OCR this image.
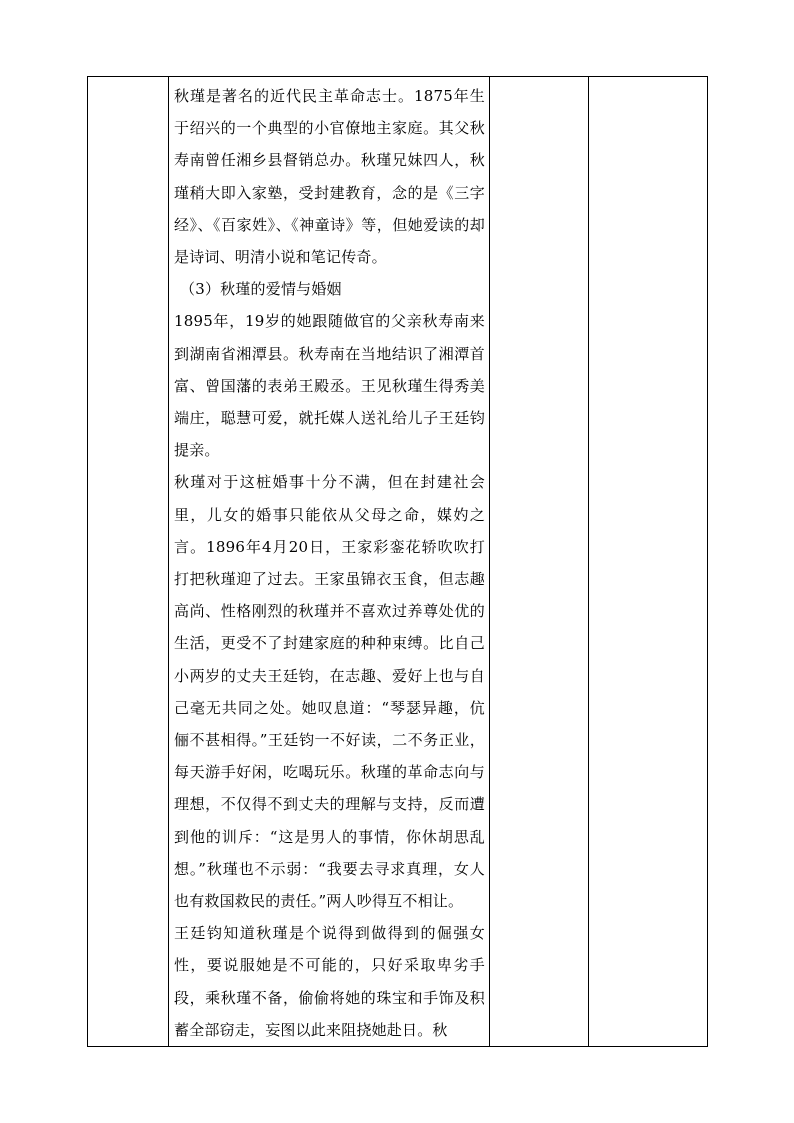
秋瑾是著名的近代民主革命志士。1875年生于绍兴的一个典型的小官僚地主家庭。其父秋寿南曾任湘乡县督销总办。秋瑾兄妹四人，秋瑾稍大即入家塾，受封建教育，念的是《三字经》、《百家姓》、《神童诗》等，但她爱读的却是诗词、明清小说和笔记传奇。

（3）秋瑾的爱情与婚姻

1895年，19岁的她跟随做官的父亲秋寿南来到湖南省湘潭县。秋寿南在当地结识了湘潭首富、曾国藩的表弟王殿丞。王见秋瑾生得秀美端庄，聪慧可爱，就托媒人送礼给儿子王廷钧提亲。

秋瑾对于这桩婚事十分不满，但在封建社会里，儿女的婚事只能依从父母之命，媒妁之言。1896年4月20日，王家彩銮花轿吹吹打打把秋瑾迎了过去。王家虽锦衣玉食，但志趣高尚、性格刚烈的秋瑾并不喜欢过养尊处优的生活，更受不了封建家庭的种种束缚。比自己小两岁的丈夫王廷钧，在志趣、爱好上也与自己毫无共同之处。她叹息道：“琴瑟异趣，伉俪不甚相得。”王廷钧一不好读，二不务正业，每天游手好闲，吃喝玩乐。秋瑾的革命志向与理想，不仅得不到丈夫的理解与支持，反而遭到他的训斥：“这是男人的事情，你休胡思乱想。”秋瑾也不示弱：“我要去寻求真理，女人也有救国救民的责任。”两人吵得互不相让。

王廷钧知道秋瑾是个说得到做得到的倔强女性，要说服她是不可能的，只好采取卑劣手段，乘秋瑾不备，偷偷将她的珠宝和手饰及积蓄全部窃走，妄图以此来阻挠她赴日。秋
